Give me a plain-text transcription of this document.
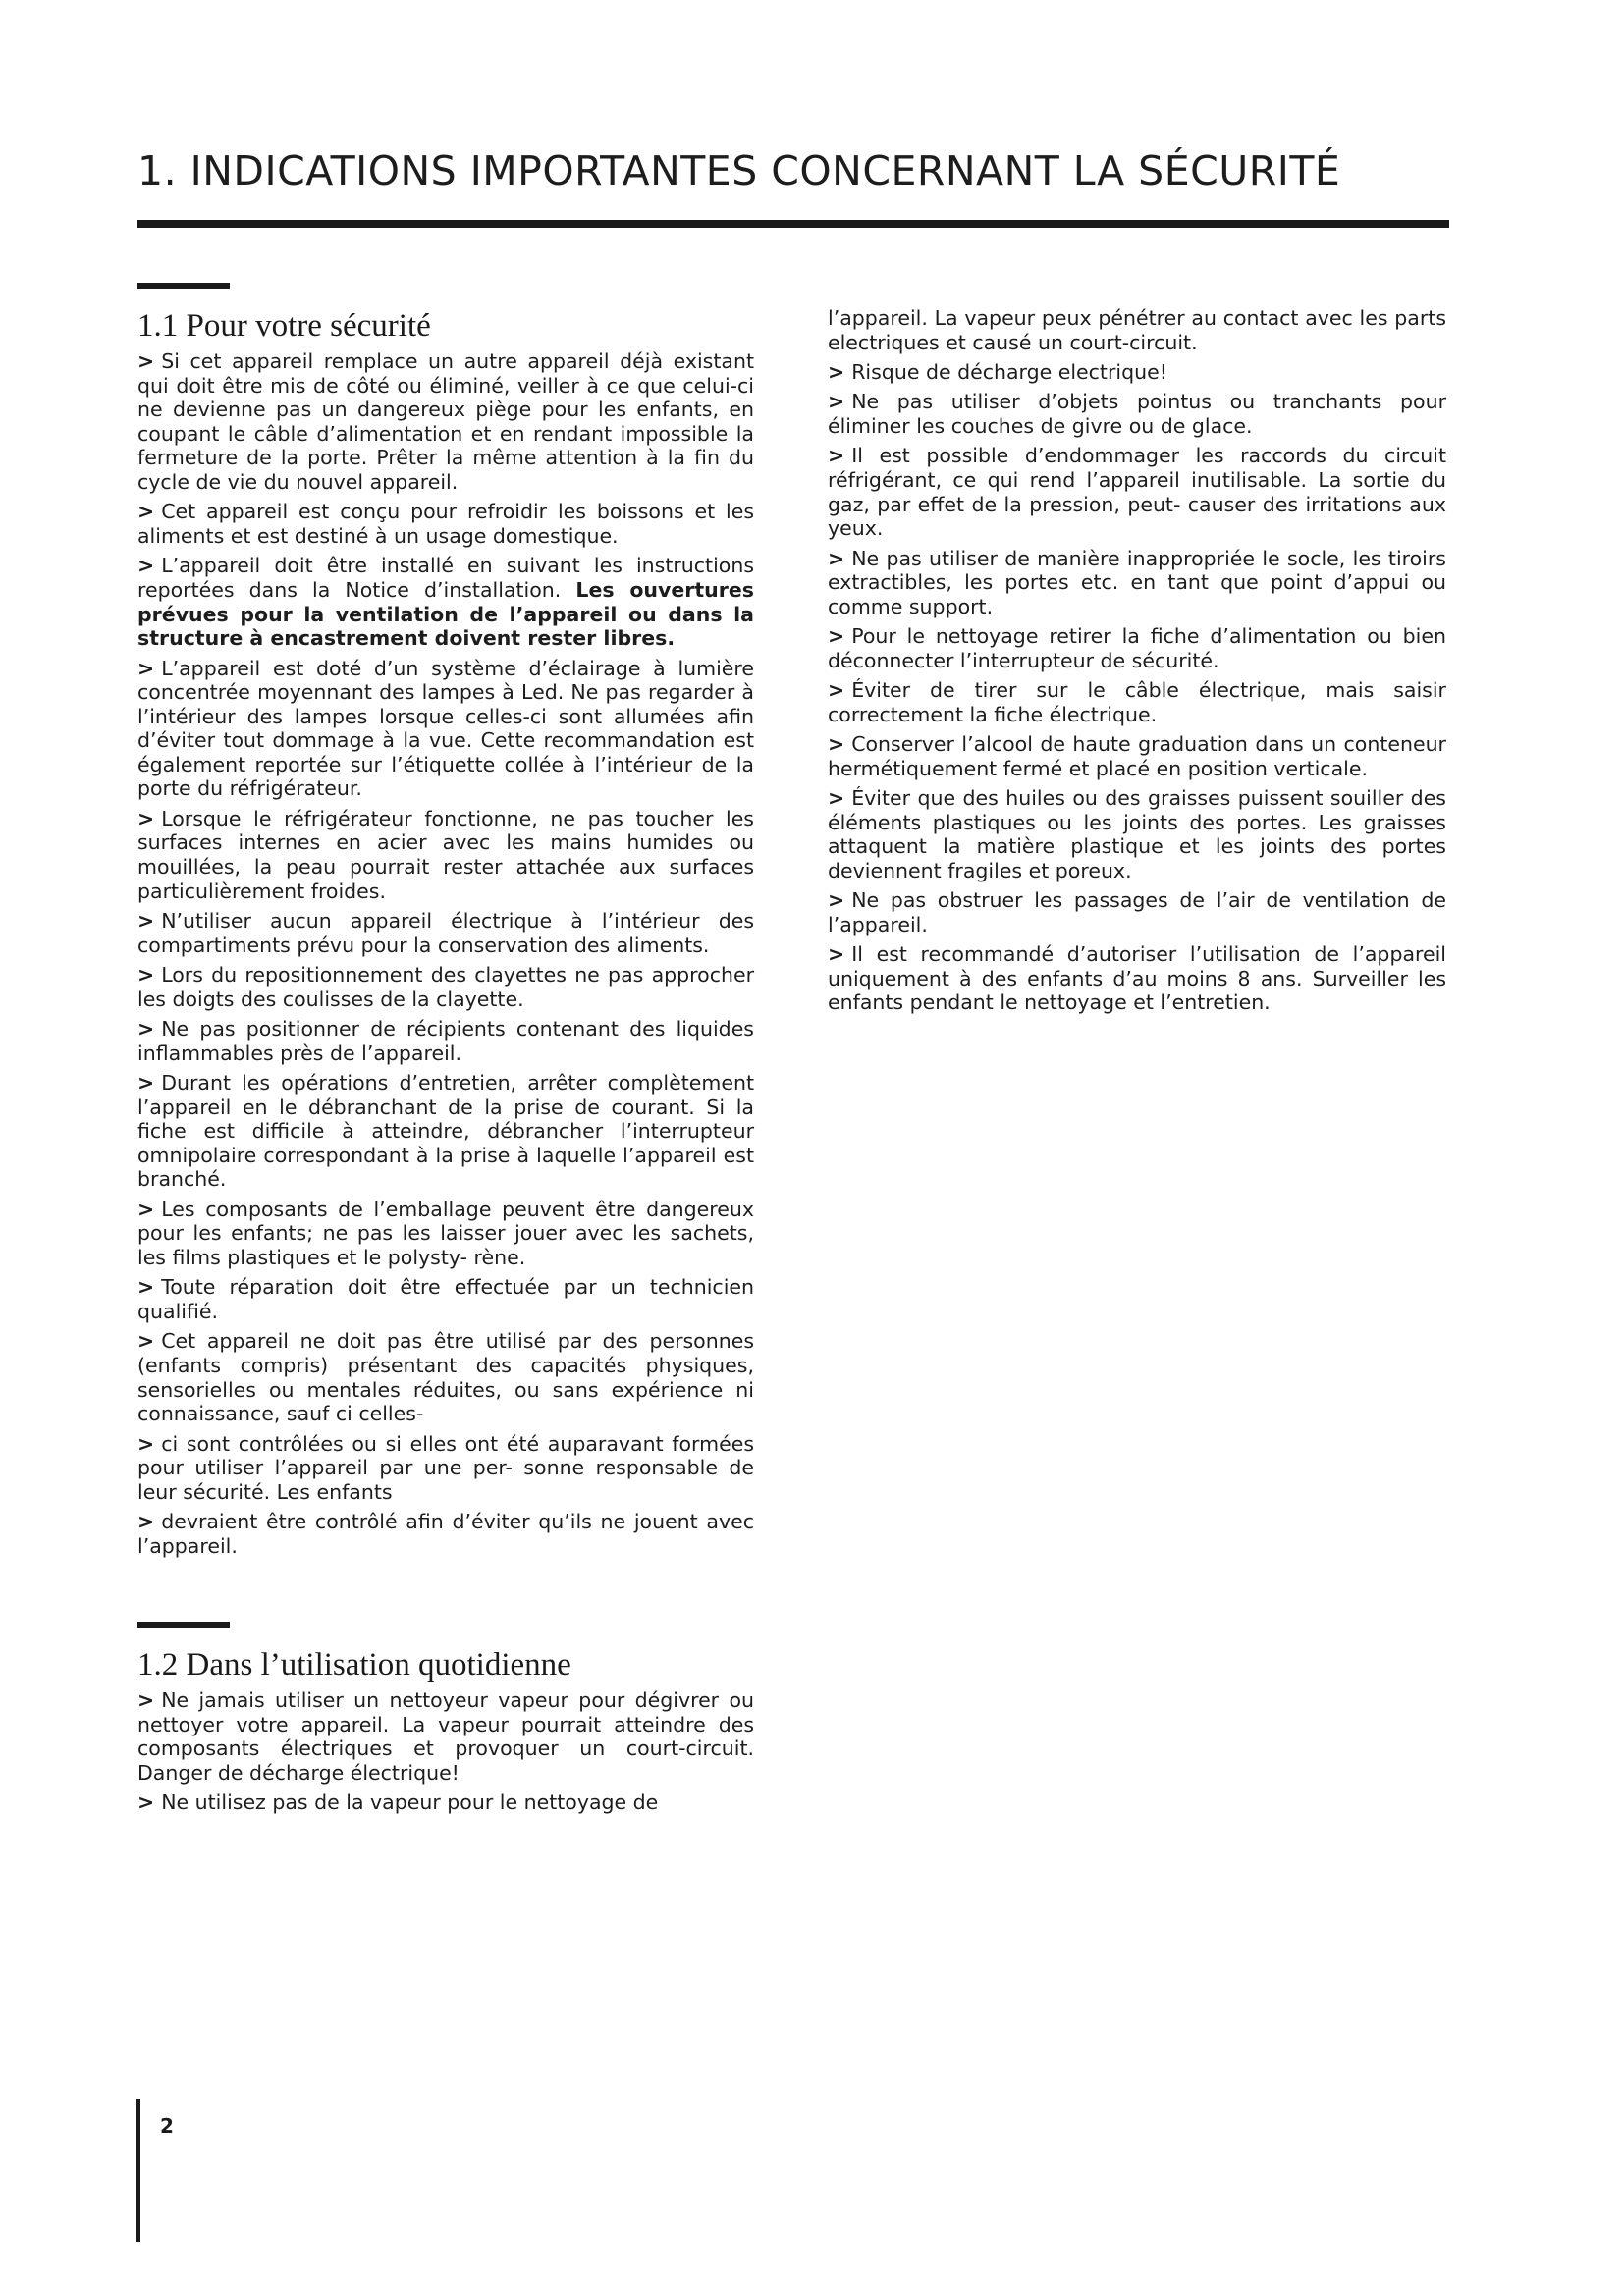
1. INDICATIONS IMPORTANTES CONCERNANT LA SÉCURITÉ
1.1 Pour votre sécurité

> Si cet appareil remplace un autre appareil déjà existant qui doit être mis de côté ou éliminé, veiller à ce que celui-ci ne devienne pas un dangereux piège pour les enfants, en coupant le câble d’alimentation et en rendant impossible la fermeture de la porte. Prêter la même attention à la fin du cycle de vie du nouvel appareil.

> Cet appareil est conçu pour refroidir les boissons et les aliments et est destiné à un usage domestique.

> L’appareil doit être installé en suivant les instructions reportées dans la Notice d’installation. Les ouvertures prévues pour la ventilation de l’appareil ou dans la structure à encastrement doivent rester libres.

> L’appareil est doté d’un système d’éclairage à lumière concentrée moyennant des lampes à Led. Ne pas regarder à l’intérieur des lampes lorsque celles-ci sont allumées afin d’éviter tout dommage à la vue. Cette recommandation est également reportée sur l’étiquette collée à l’intérieur de la porte du réfrigérateur.

> Lorsque le réfrigérateur fonctionne, ne pas toucher les surfaces internes en acier avec les mains humides ou mouillées, la peau pourrait rester attachée aux surfaces particulièrement froides.

> N’utiliser aucun appareil électrique à l’intérieur des compartiments prévu pour la conservation des aliments.

> Lors du repositionnement des clayettes ne pas approcher les doigts des coulisses de la clayette.

> Ne pas positionner de récipients contenant des liquides inflammables près de l’appareil.

> Durant les opérations d’entretien, arrêter complètement l’appareil en le débranchant de la prise de courant. Si la fiche est difficile à atteindre, débrancher l’interrupteur omnipolaire correspondant à la prise à laquelle l’appareil est branché.

> Les composants de l’emballage peuvent être dangereux pour les enfants; ne pas les laisser jouer avec les sachets, les films plastiques et le polysty- rène.

> Toute réparation doit être effectuée par un technicien qualifié.

> Cet appareil ne doit pas être utilisé par des personnes (enfants compris) présentant des capacités physiques, sensorielles ou mentales réduites, ou sans expérience ni connaissance, sauf ci celles-

> ci sont contrôlées ou si elles ont été auparavant formées pour utiliser l’appareil par une per- sonne responsable de leur sécurité. Les enfants

> devraient être contrôlé afin d’éviter qu’ils ne jouent avec l’appareil.

1.2 Dans l’utilisation quotidienne

> Ne jamais utiliser un nettoyeur vapeur pour dégivrer ou nettoyer votre appareil. La vapeur pourrait atteindre des composants électriques et provoquer un court-circuit. Danger de décharge électrique!

> Ne utilisez pas de la vapeur pour le nettoyage de

l’appareil. La vapeur peux pénétrer au contact avec les parts electriques et causé un court-circuit.

> Risque de décharge electrique!

> Ne pas utiliser d’objets pointus ou tranchants pour éliminer les couches de givre ou de glace.

> Il est possible d’endommager les raccords du circuit réfrigérant, ce qui rend l’appareil inutilisable. La sortie du gaz, par effet de la pression, peut- causer des irritations aux yeux.

> Ne pas utiliser de manière inappropriée le socle, les tiroirs extractibles, les portes etc. en tant que point d’appui ou comme support.

> Pour le nettoyage retirer la fiche d’alimentation ou bien déconnecter l’interrupteur de sécurité.

> Éviter de tirer sur le câble électrique, mais saisir correctement la fiche électrique.

> Conserver l’alcool de haute graduation dans un conteneur hermétiquement fermé et placé en position verticale.

> Éviter que des huiles ou des graisses puissent souiller des éléments plastiques ou les joints des portes. Les graisses attaquent la matière plastique et les joints des portes deviennent fragiles et poreux.

> Ne pas obstruer les passages de l’air de ventilation de l’appareil.

> Il est recommandé d’autoriser l’utilisation de l’appareil uniquement à des enfants d’au moins 8 ans. Surveiller les enfants pendant le nettoyage et l’entretien.

2
